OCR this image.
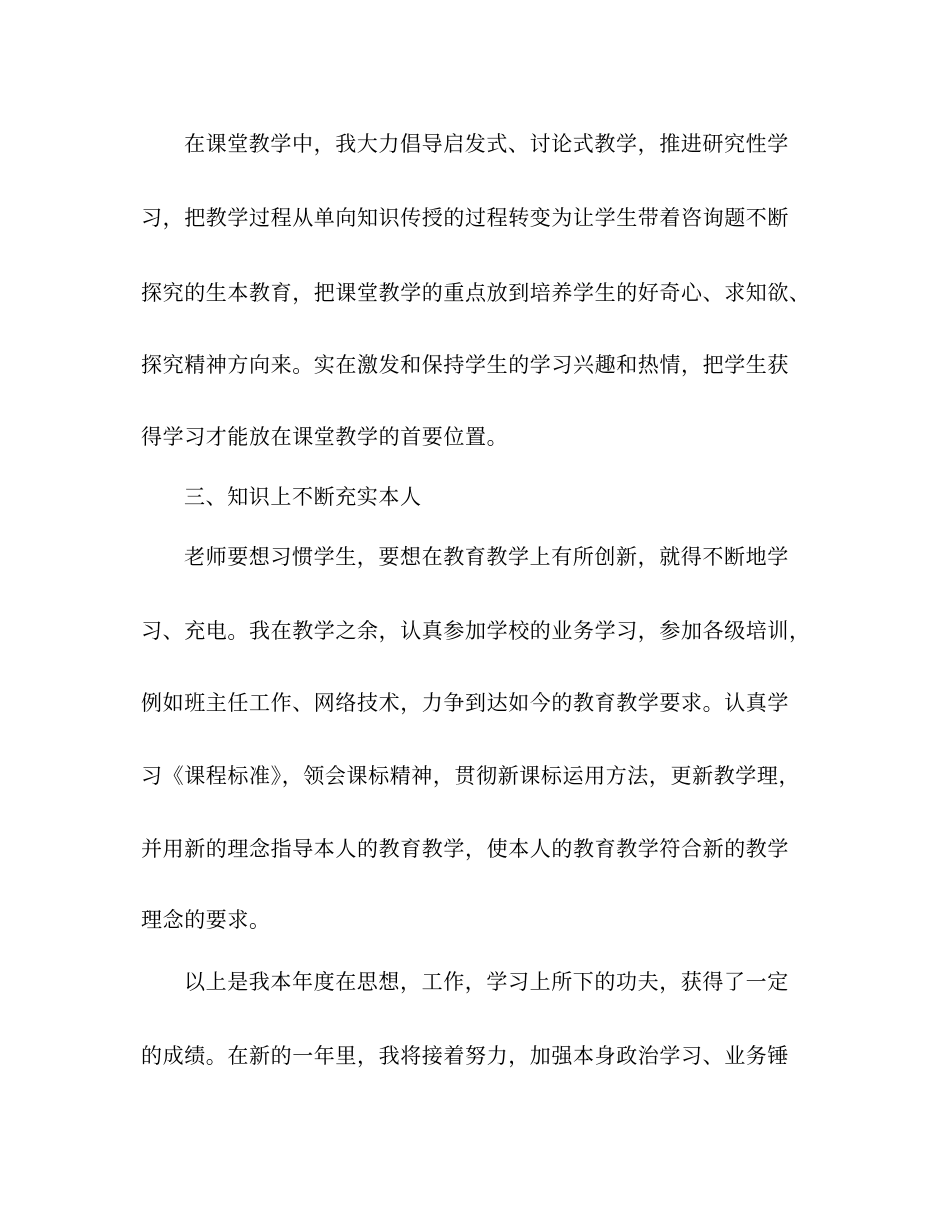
在课堂教学中，我大力倡导启发式、讨论式教学，推进研究性学
习，把教学过程从单向知识传授的过程转变为让学生带着咨询题不断
探究的生本教育，把课堂教学的重点放到培养学生的好奇心、求知欲、
探究精神方向来。实在激发和保持学生的学习兴趣和热情，把学生获
得学习才能放在课堂教学的首要位置。
三、知识上不断充实本人
老师要想习惯学生，要想在教育教学上有所创新，就得不断地学
习、充电。我在教学之余，认真参加学校的业务学习，参加各级培训，
例如班主任工作、网络技术，力争到达如今的教育教学要求。认真学
习《课程标准》，领会课标精神，贯彻新课标运用方法，更新教学理，
并用新的理念指导本人的教育教学，使本人的教育教学符合新的教学
理念的要求。
以上是我本年度在思想，工作，学习上所下的功夫，获得了一定
的成绩。在新的一年里，我将接着努力，加强本身政治学习、业务锤
